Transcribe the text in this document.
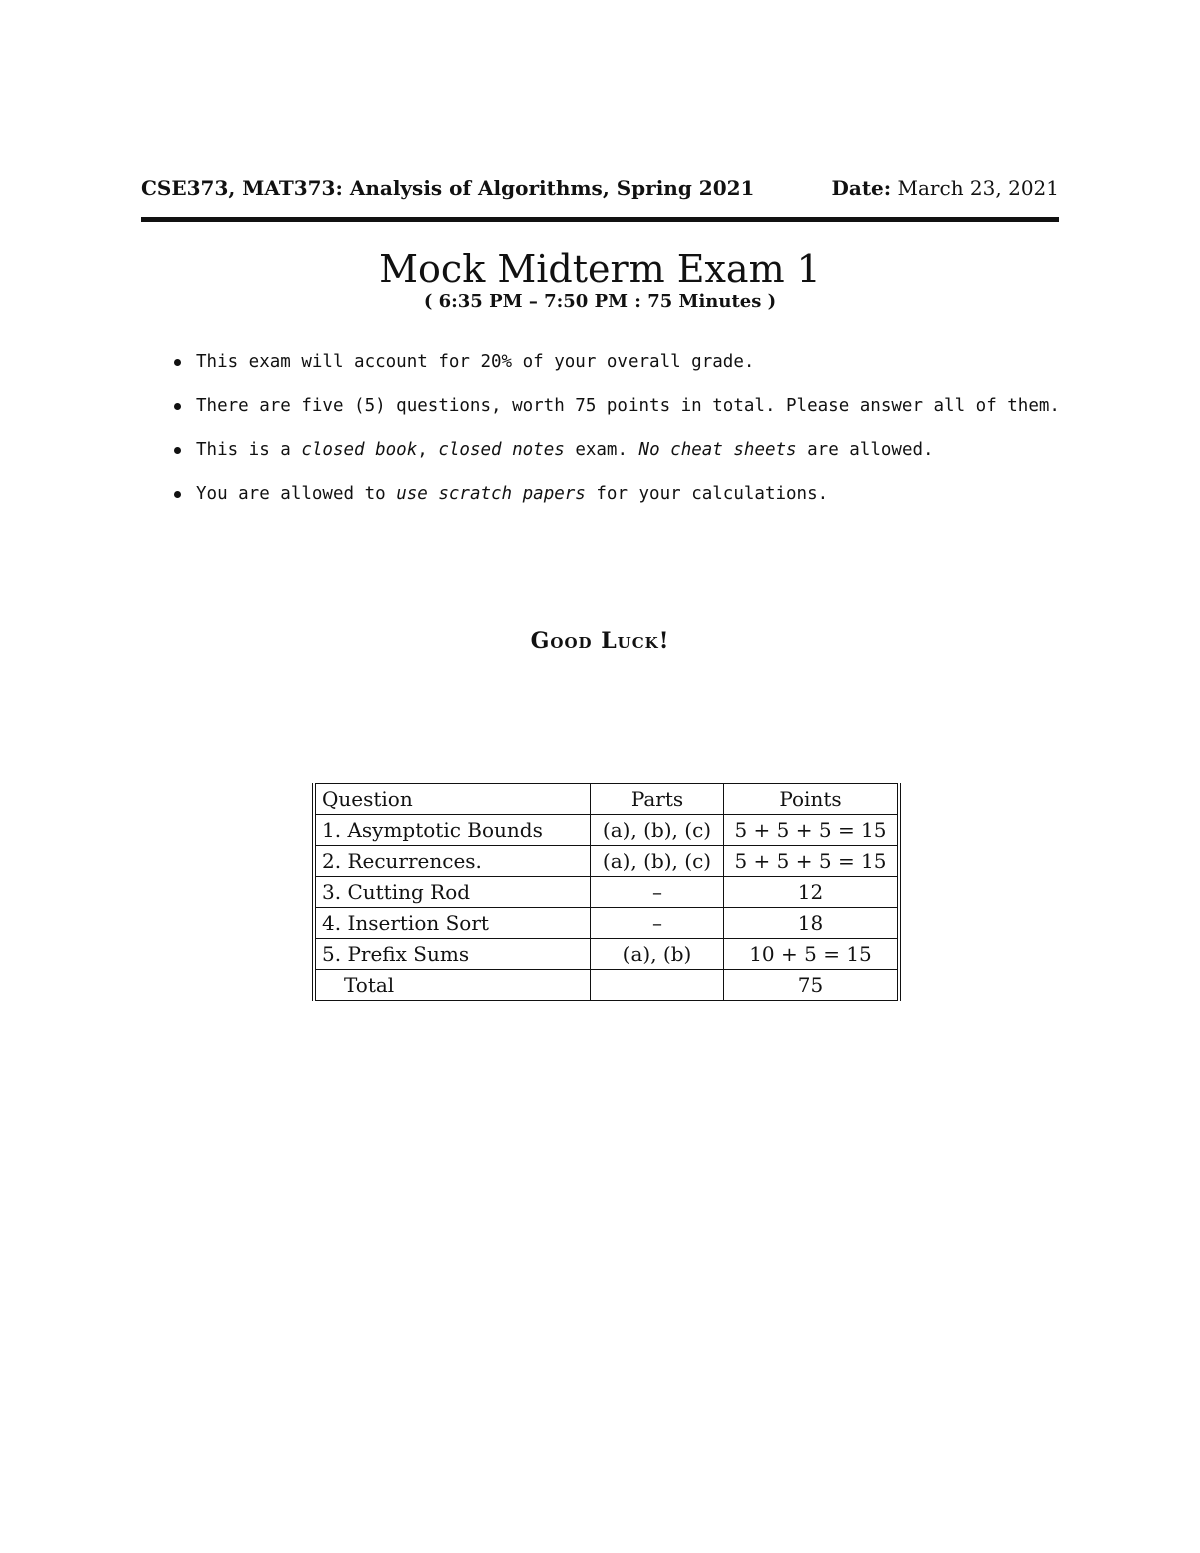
CSE373, MAT373: Analysis of Algorithms, Spring 2021	Date: March 23, 2021
Mock Midterm Exam 1
( 6:35 PM – 7:50 PM : 75 Minutes )
This exam will account for 20% of your overall grade.
There are five (5) questions, worth 75 points in total. Please answer all of them.
This is a closed book, closed notes exam. No cheat sheets are allowed.
You are allowed to use scratch papers for your calculations.
Good Luck!
Question	Parts	Points
1. Asymptotic Bounds	(a), (b), (c)	5 + 5 + 5 = 15
2. Recurrences.	(a), (b), (c)	5 + 5 + 5 = 15
3. Cutting Rod	–	12
4. Insertion Sort	–	18
5. Prefix Sums	(a), (b)	10 + 5 = 15
Total		75
